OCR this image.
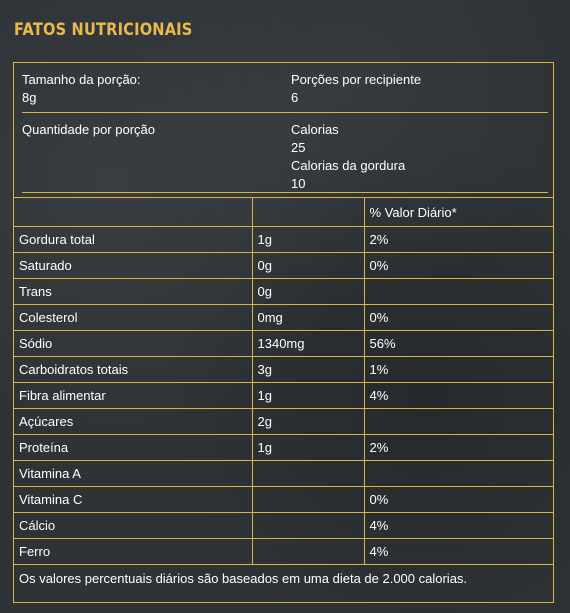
FATOS NUTRICIONAIS
Tamanho da porção:
8g
Porções por recipiente
6
Quantidade por porção	Calorias
25
Calorias da gordura
10
		% Valor Diário*
Gordura total	1g	2%
Saturado	0g	0%
Trans	0g	
Colesterol	0mg	0%
Sódio	1340mg	56%
Carboidratos totais	3g	1%
Fibra alimentar	1g	4%
Açúcares	2g	
Proteína	1g	2%
Vitamina A		
Vitamina C		0%
Cálcio		4%
Ferro		4%
Os valores percentuais diários são baseados em uma dieta de 2.000 calorias.		
